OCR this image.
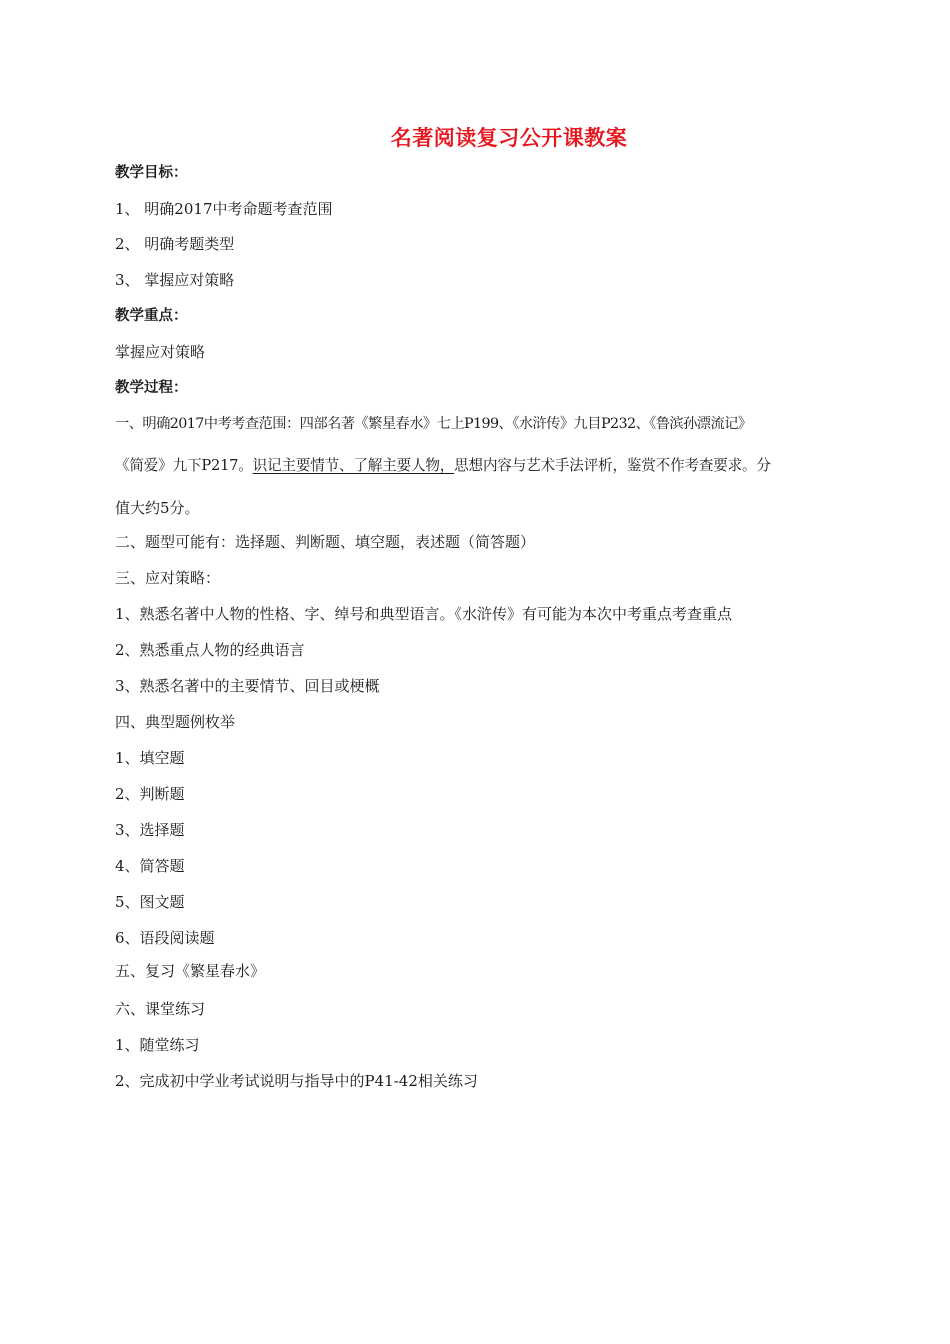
名著阅读复习公开课教案
教学目标：
1、 明确2017中考命题考查范围
2、 明确考题类型
3、 掌握应对策略
教学重点：
掌握应对策略
教学过程：
一、明确2017中考考查范围：四部名著《繁星春水》七上P199、《水浒传》九目P232、《鲁滨孙漂流记》
《简爱》九下P217。识记主要情节、了解主要人物，思想内容与艺术手法评析，鉴赏不作考查要求。分
值大约5分。
二、题型可能有：选择题、判断题、填空题，表述题（简答题）
三、应对策略：
1、熟悉名著中人物的性格、字、绰号和典型语言。《水浒传》有可能为本次中考重点考查重点
2、熟悉重点人物的经典语言
3、熟悉名著中的主要情节、回目或梗概
四、典型题例枚举
1、填空题
2、判断题
3、选择题
4、简答题
5、图文题
6、语段阅读题
五、复习《繁星春水》
六、课堂练习
1、随堂练习
2、完成初中学业考试说明与指导中的P41-42相关练习
